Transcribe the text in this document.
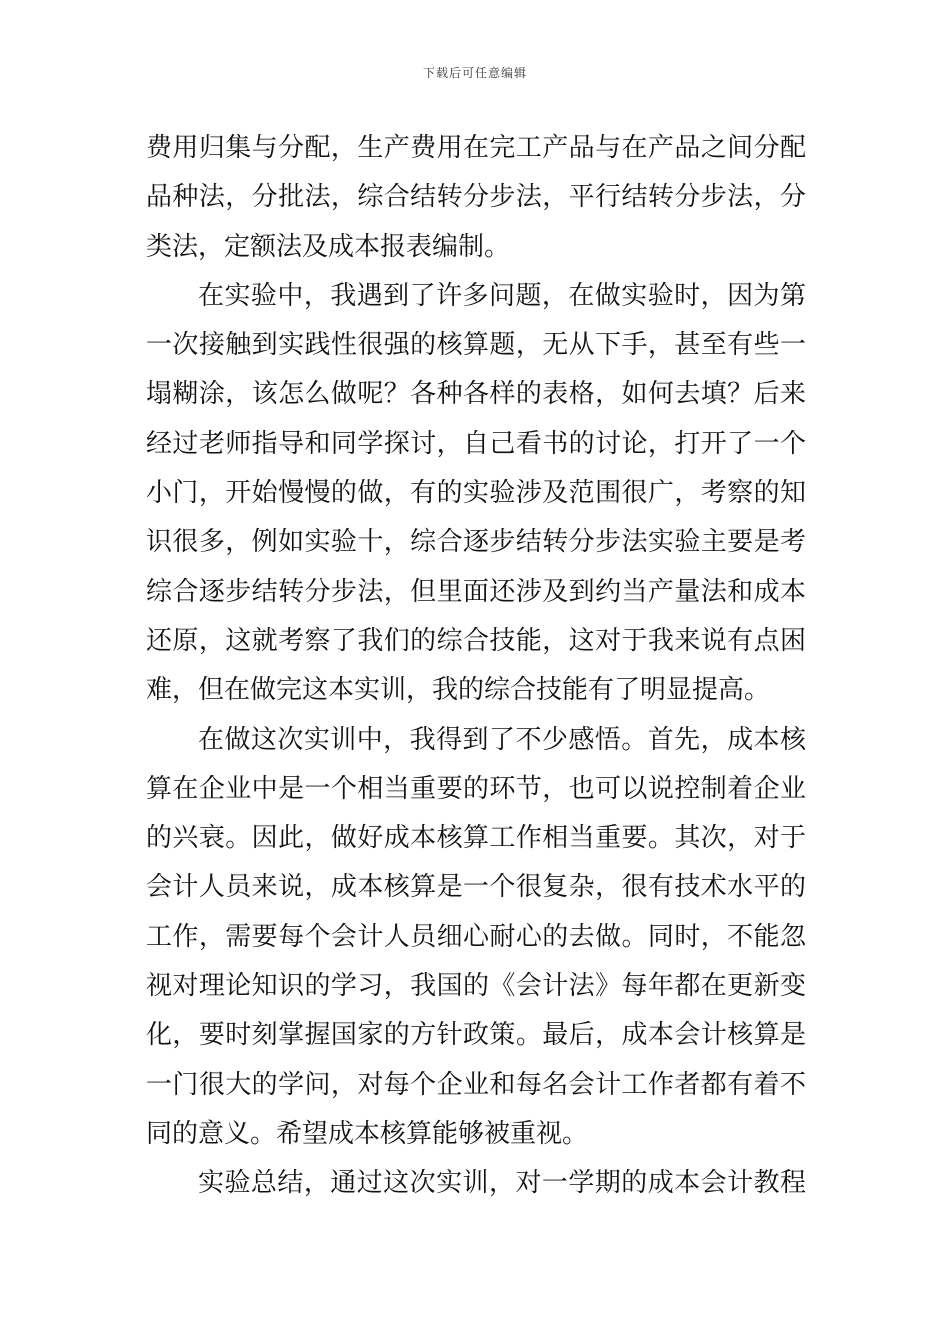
下载后可任意编辑
费用归集与分配，生产费用在完工产品与在产品之间分配
品种法，分批法，综合结转分步法，平行结转分步法，分
类法，定额法及成本报表编制。
在实验中，我遇到了许多问题，在做实验时，因为第
一次接触到实践性很强的核算题，无从下手，甚至有些一
塌糊涂，该怎么做呢？各种各样的表格，如何去填？后来
经过老师指导和同学探讨，自己看书的讨论，打开了一个
小门，开始慢慢的做，有的实验涉及范围很广，考察的知
识很多，例如实验十，综合逐步结转分步法实验主要是考
综合逐步结转分步法，但里面还涉及到约当产量法和成本
还原，这就考察了我们的综合技能，这对于我来说有点困
难，但在做完这本实训，我的综合技能有了明显提高。
在做这次实训中，我得到了不少感悟。首先，成本核
算在企业中是一个相当重要的环节，也可以说控制着企业
的兴衰。因此，做好成本核算工作相当重要。其次，对于
会计人员来说，成本核算是一个很复杂，很有技术水平的
工作，需要每个会计人员细心耐心的去做。同时，不能忽
视对理论知识的学习，我国的《会计法》每年都在更新变
化，要时刻掌握国家的方针政策。最后，成本会计核算是
一门很大的学问，对每个企业和每名会计工作者都有着不
同的意义。希望成本核算能够被重视。
实验总结，通过这次实训，对一学期的成本会计教程
